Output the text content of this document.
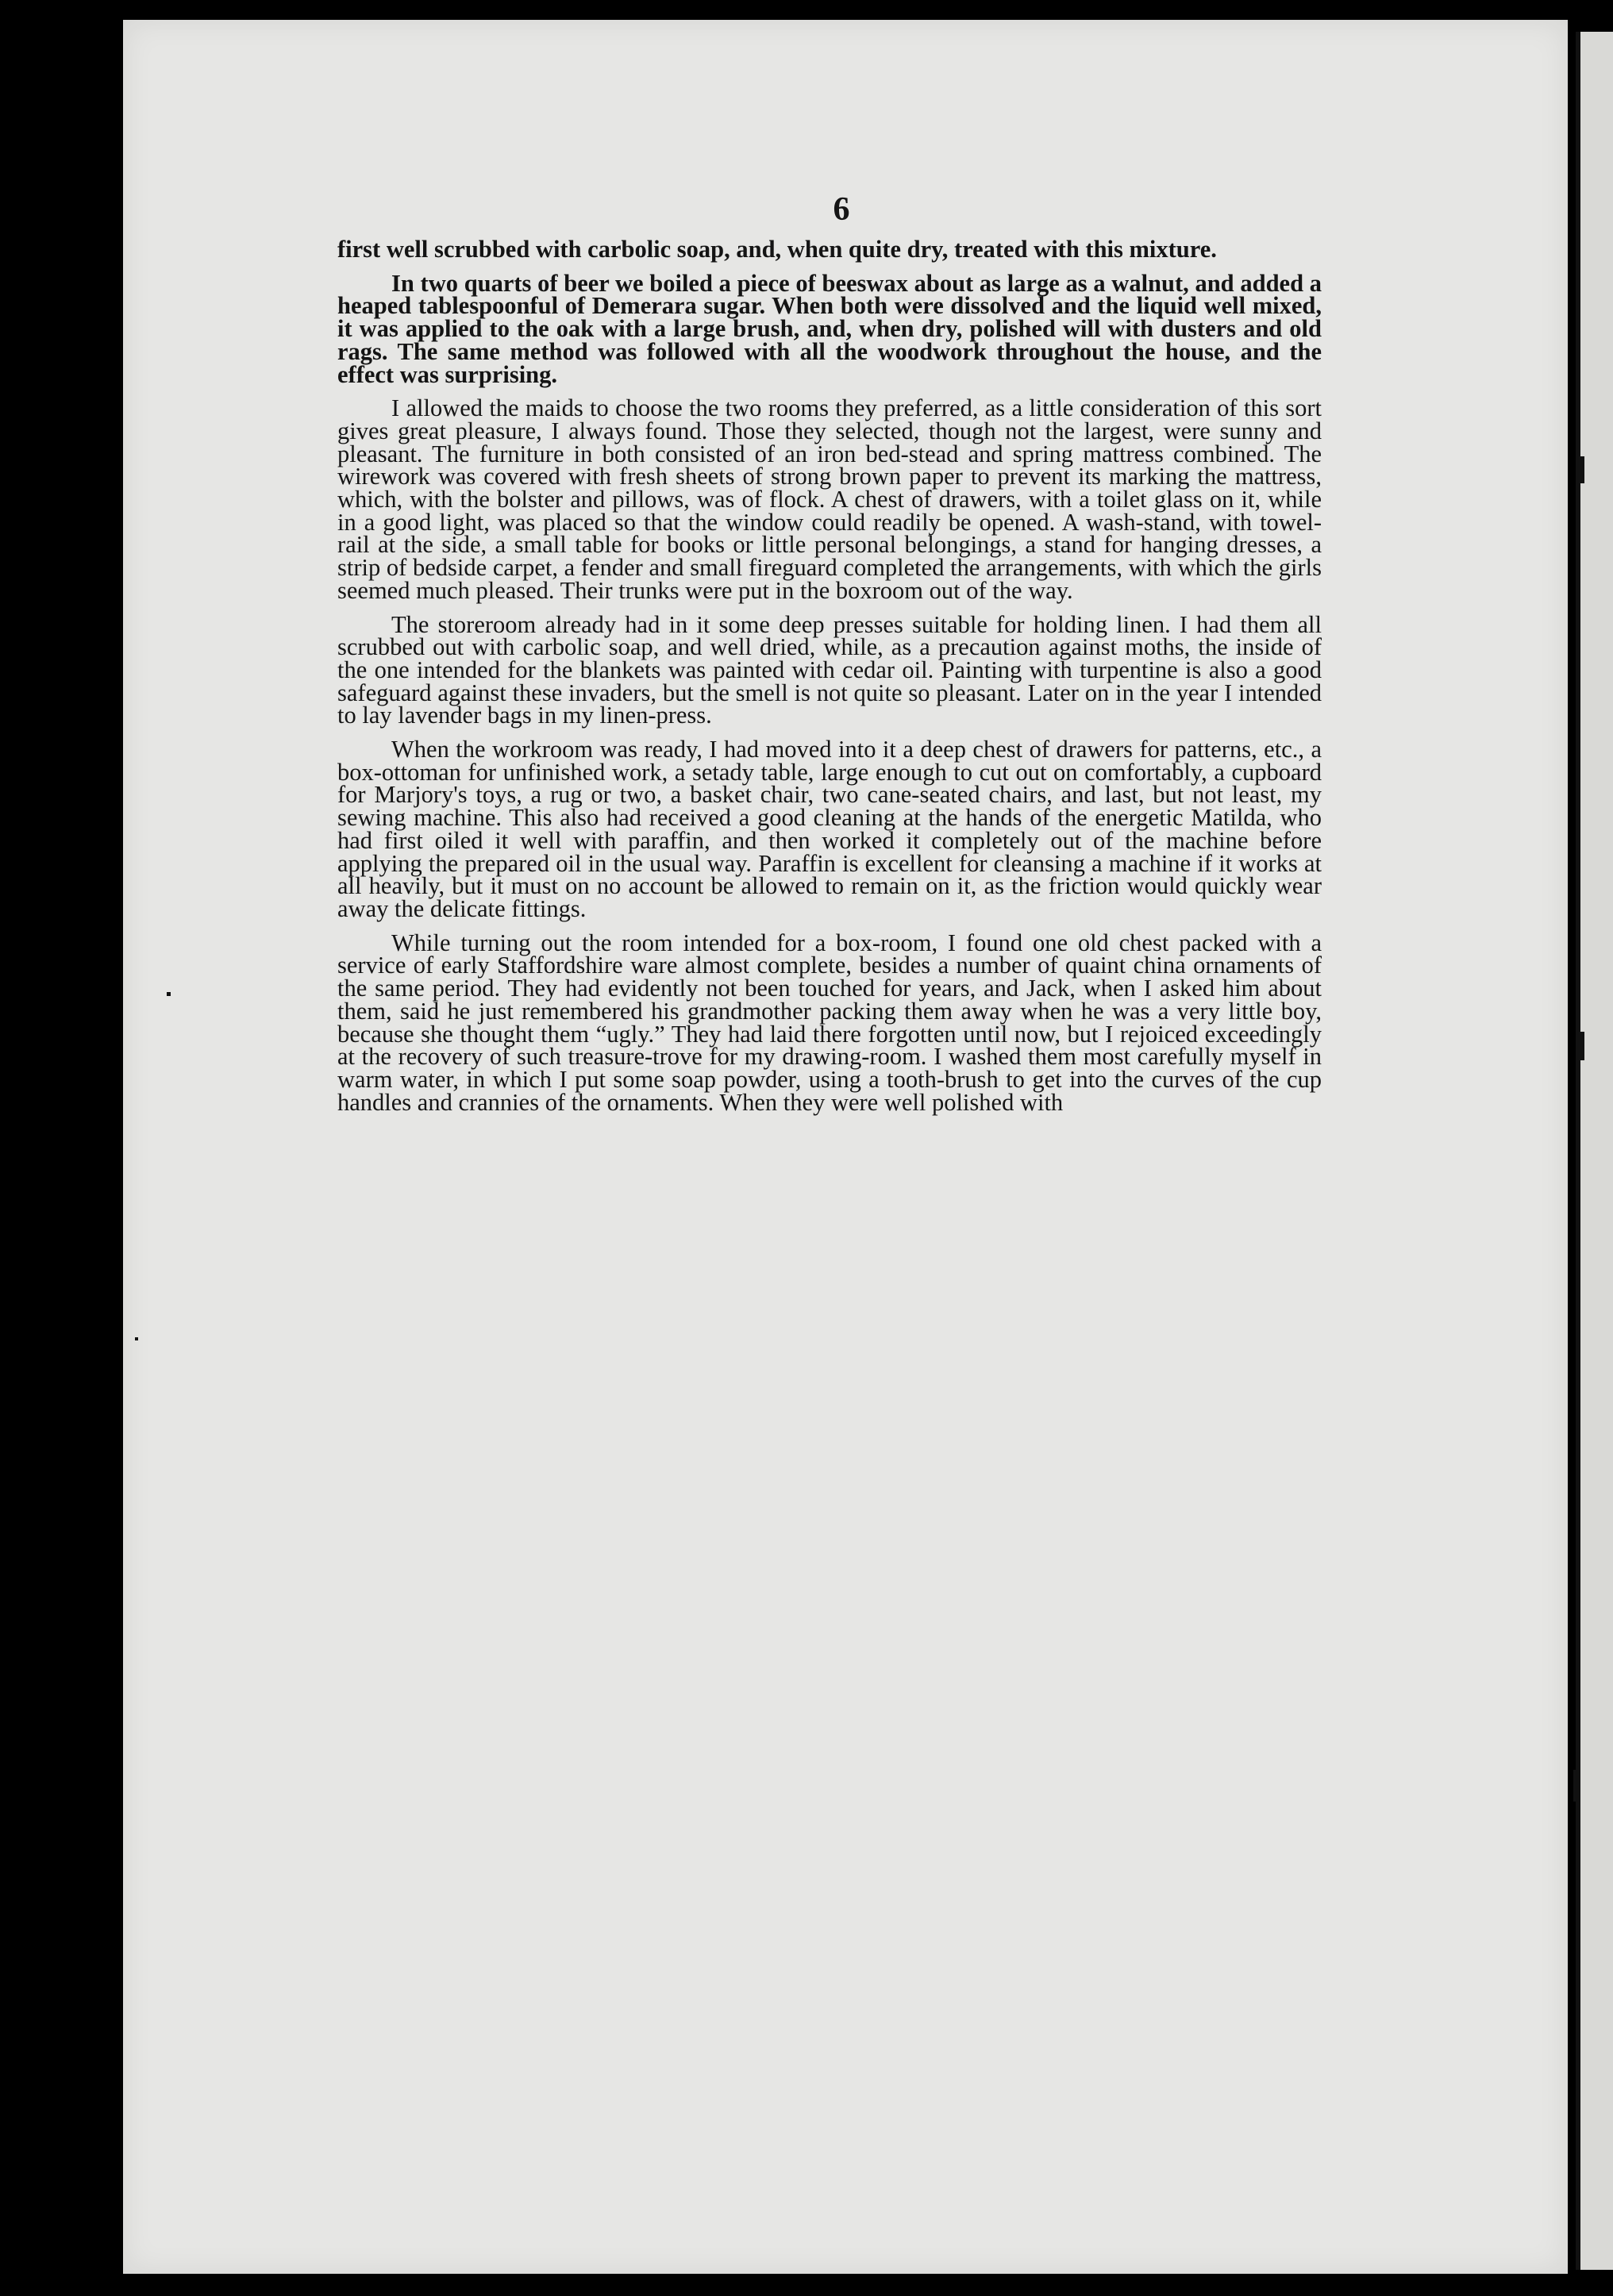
6

first well scrubbed with carbolic soap, and, when quite dry, treated with this mixture.

In two quarts of beer we boiled a piece of beeswax about as large as a walnut, and added a heaped tablespoonful of Demerara sugar. When both were dissolved and the liquid well mixed, it was applied to the oak with a large brush, and, when dry, polished will with dusters and old rags. The same method was followed with all the woodwork throughout the house, and the effect was surprising.

I allowed the maids to choose the two rooms they preferred, as a little consideration of this sort gives great pleasure, I always found. Those they selected, though not the largest, were sunny and pleasant. The furniture in both consisted of an iron bed-stead and spring mattress combined. The wirework was covered with fresh sheets of strong brown paper to prevent its marking the mattress, which, with the bolster and pillows, was of flock. A chest of drawers, with a toilet glass on it, while in a good light, was placed so that the window could readily be opened. A wash-stand, with towel-rail at the side, a small table for books or little personal belongings, a stand for hanging dresses, a strip of bedside carpet, a fender and small fireguard completed the arrangements, with which the girls seemed much pleased. Their trunks were put in the boxroom out of the way.

The storeroom already had in it some deep presses suitable for holding linen. I had them all scrubbed out with carbolic soap, and well dried, while, as a precaution against moths, the inside of the one intended for the blankets was painted with cedar oil. Painting with turpentine is also a good safeguard against these invaders, but the smell is not quite so pleasant. Later on in the year I intended to lay lavender bags in my linen-press.

When the workroom was ready, I had moved into it a deep chest of drawers for patterns, etc., a box-ottoman for unfinished work, a setady table, large enough to cut out on comfortably, a cupboard for Marjory's toys, a rug or two, a basket chair, two cane-seated chairs, and last, but not least, my sewing machine. This also had received a good cleaning at the hands of the energetic Matilda, who had first oiled it well with paraffin, and then worked it completely out of the machine before applying the prepared oil in the usual way. Paraffin is excellent for cleansing a machine if it works at all heavily, but it must on no account be allowed to remain on it, as the friction would quickly wear away the delicate fittings.

While turning out the room intended for a box-room, I found one old chest packed with a service of early Staffordshire ware almost complete, besides a number of quaint china ornaments of the same period. They had evidently not been touched for years, and Jack, when I asked him about them, said he just remembered his grandmother packing them away when he was a very little boy, because she thought them “ugly.” They had laid there forgotten until now, but I rejoiced exceedingly at the recovery of such treasure-trove for my drawing-room. I washed them most carefully myself in warm water, in which I put some soap powder, using a tooth-brush to get into the curves of the cup handles and crannies of the ornaments. When they were well polished with
